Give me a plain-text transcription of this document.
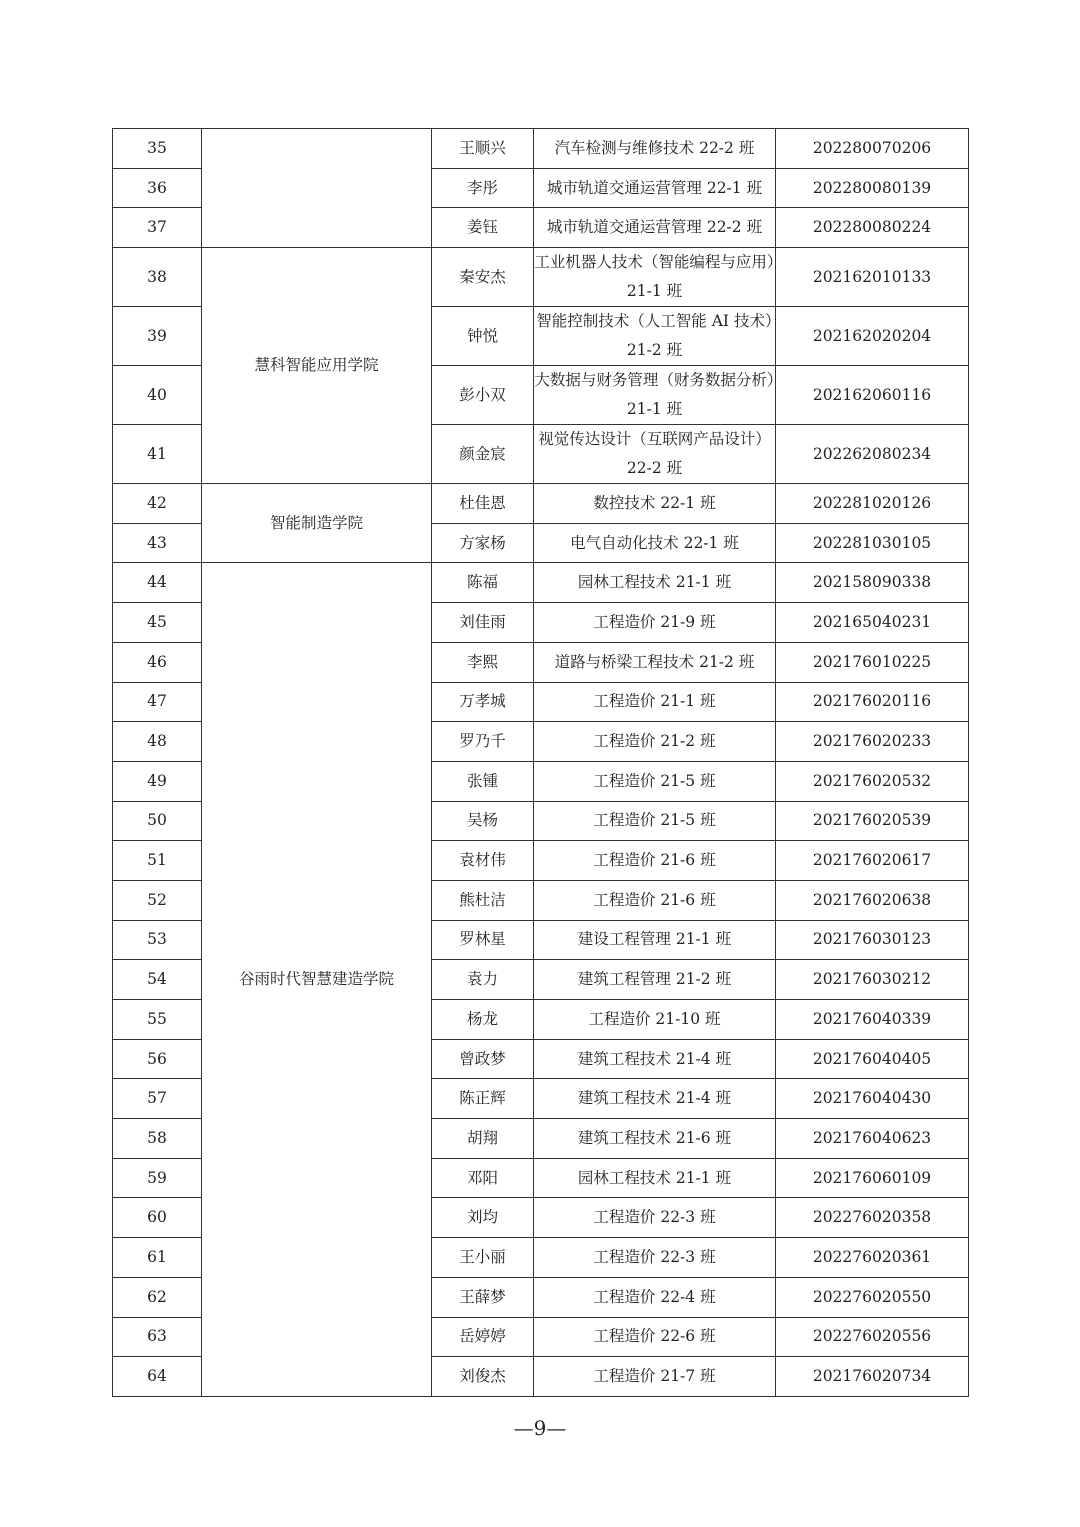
35		王顺兴	汽车检测与维修技术 22-2 班	202280070206
36		李彤	城市轨道交通运营管理 22-1 班	202280080139
37		姜钰	城市轨道交通运营管理 22-2 班	202280080224
38	慧科智能应用学院	秦安杰	工业机器人技术（智能编程与应用）21-1 班	202162010133
39		钟悦	智能控制技术（人工智能 AI 技术）21-2 班	202162020204
40		彭小双	大数据与财务管理（财务数据分析）21-1 班	202162060116
41		颜金宸	视觉传达设计（互联网产品设计）22-2 班	202262080234
42	智能制造学院	杜佳恩	数控技术 22-1 班	202281020126
43		方家杨	电气自动化技术 22-1 班	202281030105
44	谷雨时代智慧建造学院	陈福	园林工程技术 21-1 班	202158090338
45		刘佳雨	工程造价 21-9 班	202165040231
46		李熙	道路与桥梁工程技术 21-2 班	202176010225
47		万孝城	工程造价 21-1 班	202176020116
48		罗乃千	工程造价 21-2 班	202176020233
49		张锺	工程造价 21-5 班	202176020532
50		吴杨	工程造价 21-5 班	202176020539
51		袁材伟	工程造价 21-6 班	202176020617
52		熊杜洁	工程造价 21-6 班	202176020638
53		罗林星	建设工程管理 21-1 班	202176030123
54		袁力	建筑工程管理 21-2 班	202176030212
55		杨龙	工程造价 21-10 班	202176040339
56		曾政梦	建筑工程技术 21-4 班	202176040405
57		陈正辉	建筑工程技术 21-4 班	202176040430
58		胡翔	建筑工程技术 21-6 班	202176040623
59		邓阳	园林工程技术 21-1 班	202176060109
60		刘均	工程造价 22-3 班	202276020358
61		王小丽	工程造价 22-3 班	202276020361
62		王薛梦	工程造价 22-4 班	202276020550
63		岳婷婷	工程造价 22-6 班	202276020556
64		刘俊杰	工程造价 21-7 班	202176020734
—9—
